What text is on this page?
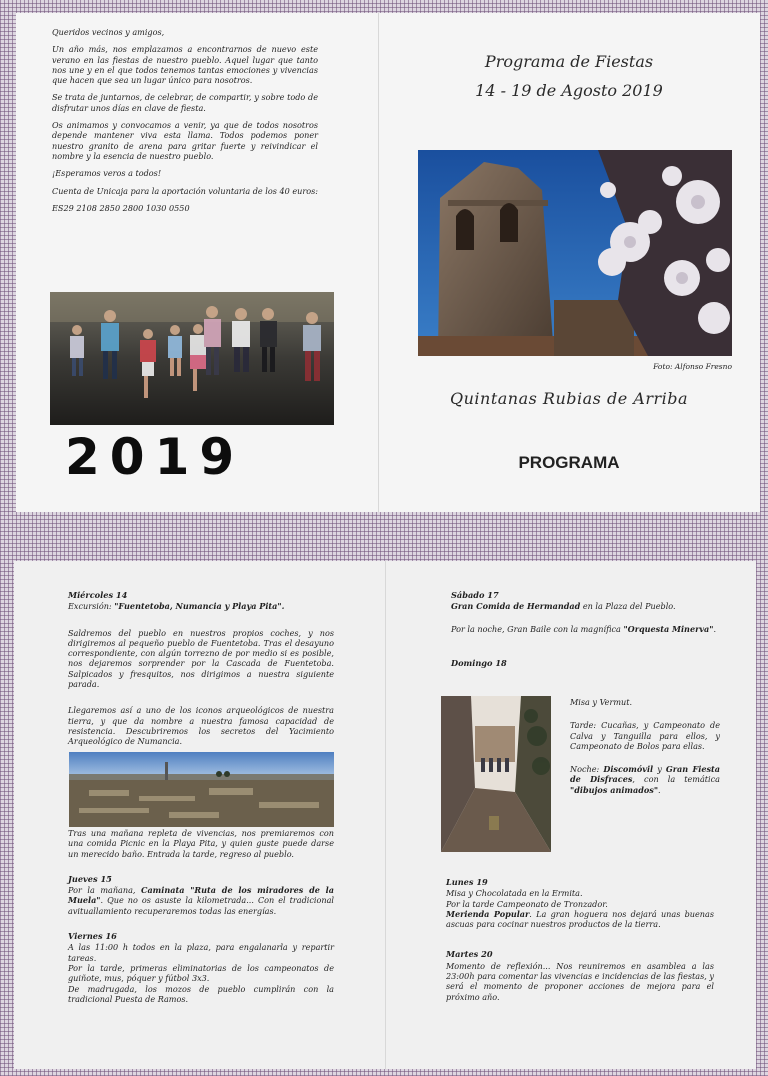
Queridos vecinos y amigos,

Un año más, nos emplazamos a encontrarnos de nuevo este verano en las fiestas de nuestro pueblo. Aquel lugar que tanto nos une y en el que todos tenemos tantas emociones y vivencias que hacen que sea un lugar único para nosotros.

Se trata de juntarnos, de celebrar, de compartir, y sobre todo de disfrutar unos días en clave de fiesta.

Os animamos y convocamos a venir, ya que de todos nosotros depende mantener viva esta llama. Todos podemos poner nuestro granito de arena para gritar fuerte y reivindicar el nombre y la esencia de nuestro pueblo.

¡Esperamos veros a todos!

Cuenta de Unicaja para la aportación voluntaria de los 40 euros:

ES29 2108 2850 2800 1030 0550

2019
Programa de Fiestas
14 - 19 de Agosto 2019
Foto: Alfonso Fresno
Quintanas Rubias de Arriba
PROGRAMA
Miércoles 14

Excursión: "Fuentetoba, Numancia y Playa Pita".

Saldremos del pueblo en nuestros propios coches, y nos dirigiremos al pequeño pueblo de Fuentetoba. Tras el desayuno correspondiente, con algún torrezno de por medio si es posible, nos dejaremos sorprender por la Cascada de Fuentetoba. Salpicados y fresquitos, nos dirigimos a nuestra siguiente parada.

Llegaremos así a uno de los iconos arqueológicos de nuestra tierra, y que da nombre a nuestra famosa capacidad de resistencia. Descubriremos los secretos del Yacimiento Arqueológico de Numancia.

Tras una mañana repleta de vivencias, nos premiaremos con una comida Picnic en la Playa Pita, y quien guste puede darse un merecido baño. Entrada la tarde, regreso al pueblo.

Jueves 15

Por la mañana, Caminata "Ruta de los miradores de la Muela". Que no os asuste la kilometrada... Con el tradicional avituallamiento recuperaremos todas las energías.

Viernes 16

A las 11:00 h todos en la plaza, para engalanarla y repartir tareas.

Por la tarde, primeras eliminatorias de los campeonatos de guiñote, mus, póquer y fútbol 3x3.

De madrugada, los mozos de pueblo cumplirán con la tradicional Puesta de Ramos.

Sábado 17

Gran Comida de Hermandad en la Plaza del Pueblo.

Por la noche, Gran Baile con la magnífica "Orquesta Minerva".

Domingo 18

Misa y Vermut.

Tarde: Cucañas, y Campeonato de Calva y Tanguilla para ellos, y Campeonato de Bolos para ellas.

Noche: Discomóvil y Gran Fiesta de Disfraces, con la temática "dibujos animados".

Lunes 19

Misa y Chocolatada en la Ermita.

Por la tarde Campeonato de Tronzador.

Merienda Popular. La gran hoguera nos dejará unas buenas ascuas para cocinar nuestros productos de la tierra.

Martes 20

Momento de reflexión... Nos reuniremos en asamblea a las 23:00h para comentar las vivencias e incidencias de las fiestas, y será el momento de proponer acciones de mejora para el próximo año.
